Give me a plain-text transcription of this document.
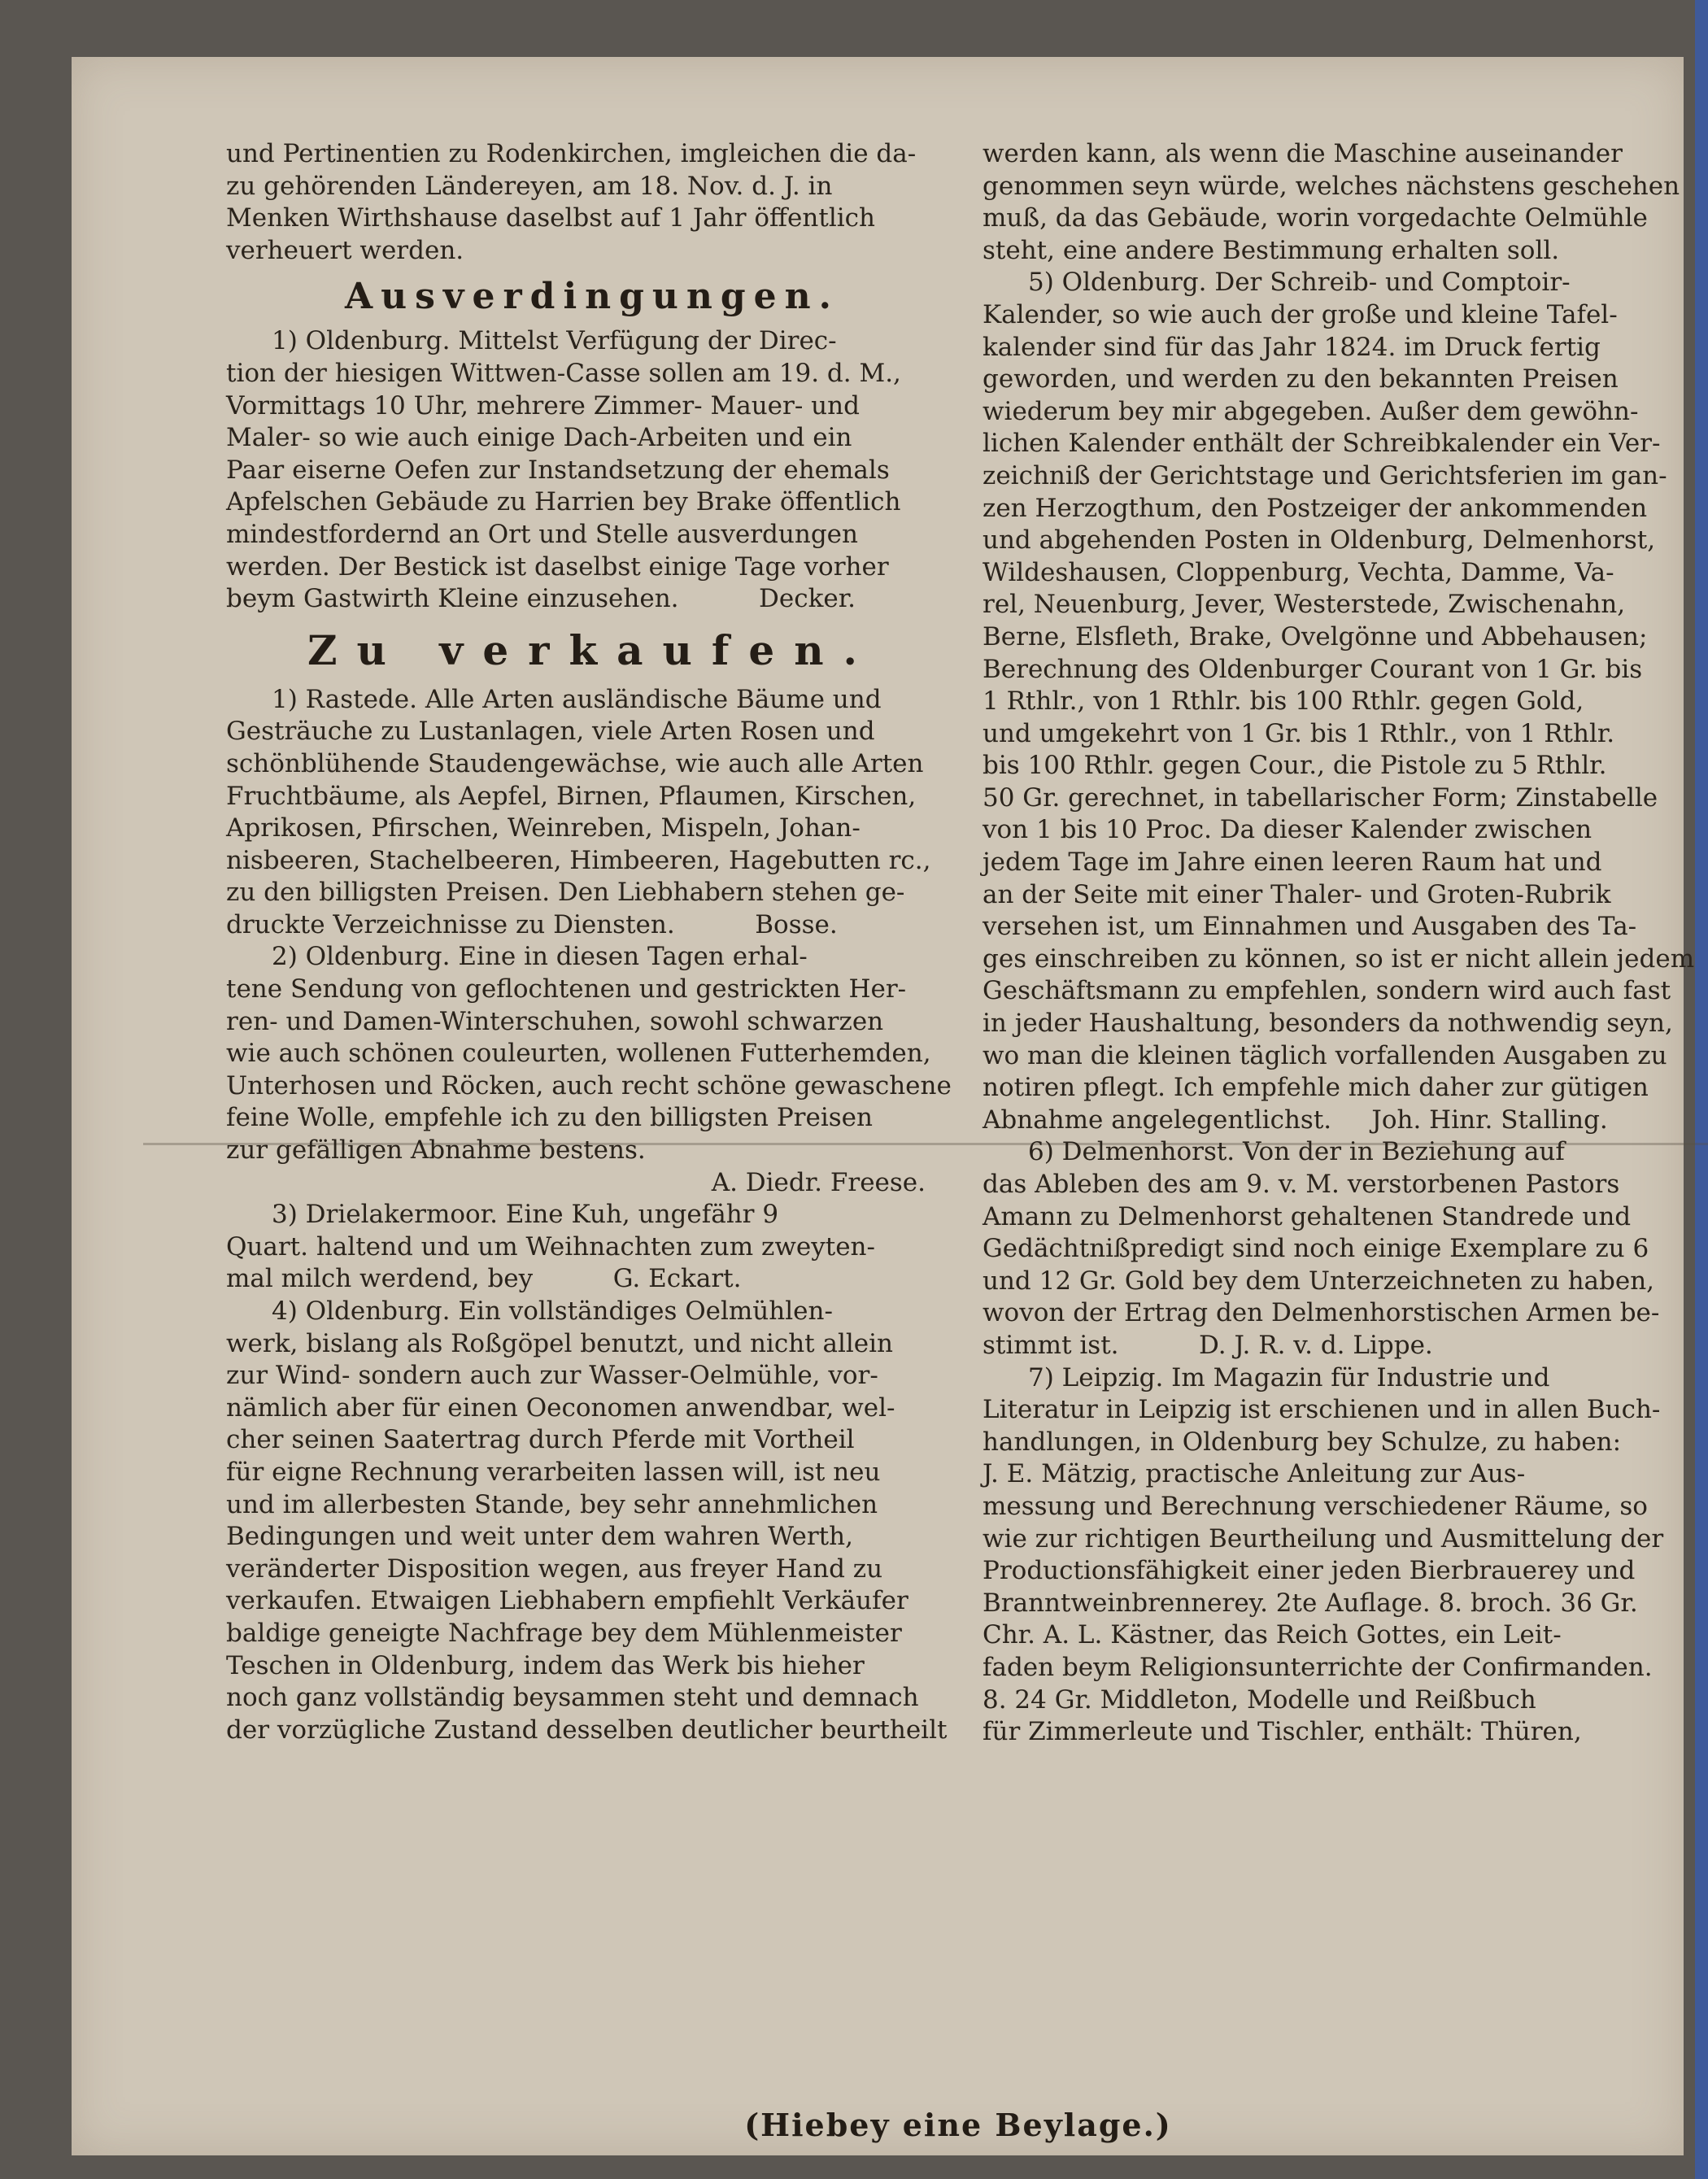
und Pertinentien zu Rodenkirchen, imgleichen die da-

zu gehörenden Ländereyen, am 18. Nov. d. J. in

Menken Wirthshause daselbst auf 1 Jahr öffentlich

verheuert werden.

Ausverdingungen.

1) Oldenburg. Mittelst Verfügung der Direc-

tion der hiesigen Wittwen-Casse sollen am 19. d. M.,

Vormittags 10 Uhr, mehrere Zimmer- Mauer- und

Maler- so wie auch einige Dach-Arbeiten und ein

Paar eiserne Oefen zur Instandsetzung der ehemals

Apfelschen Gebäude zu Harrien bey Brake öffentlich

mindestfordernd an Ort und Stelle ausverdungen

werden. Der Bestick ist daselbst einige Tage vorher

beym Gastwirth Kleine einzusehen.          Decker.

Zu verkaufen.

1) Rastede. Alle Arten ausländische Bäume und

Gesträuche zu Lustanlagen, viele Arten Rosen und

schönblühende Staudengewächse, wie auch alle Arten

Fruchtbäume, als Aepfel, Birnen, Pflaumen, Kirschen,

Aprikosen, Pfirschen, Weinreben, Mispeln, Johan-

nisbeeren, Stachelbeeren, Himbeeren, Hagebutten rc.,

zu den billigsten Preisen. Den Liebhabern stehen ge-

druckte Verzeichnisse zu Diensten.          Bosse.

2) Oldenburg. Eine in diesen Tagen erhal-

tene Sendung von geflochtenen und gestrickten Her-

ren- und Damen-Winterschuhen, sowohl schwarzen

wie auch schönen couleurten, wollenen Futterhemden,

Unterhosen und Röcken, auch recht schöne gewaschene

feine Wolle, empfehle ich zu den billigsten Preisen

zur gefälligen Abnahme bestens.

A. Diedr. Freese.

3) Drielakermoor. Eine Kuh, ungefähr 9

Quart. haltend und um Weihnachten zum zweyten-

mal milch werdend, bey          G. Eckart.

4) Oldenburg. Ein vollständiges Oelmühlen-

werk, bislang als Roßgöpel benutzt, und nicht allein

zur Wind- sondern auch zur Wasser-Oelmühle, vor-

nämlich aber für einen Oeconomen anwendbar, wel-

cher seinen Saatertrag durch Pferde mit Vortheil

für eigne Rechnung verarbeiten lassen will, ist neu

und im allerbesten Stande, bey sehr annehmlichen

Bedingungen und weit unter dem wahren Werth,

veränderter Disposition wegen, aus freyer Hand zu

verkaufen. Etwaigen Liebhabern empfiehlt Verkäufer

baldige geneigte Nachfrage bey dem Mühlenmeister

Teschen in Oldenburg, indem das Werk bis hieher

noch ganz vollständig beysammen steht und demnach

der vorzügliche Zustand desselben deutlicher beurtheilt

werden kann, als wenn die Maschine auseinander

genommen seyn würde, welches nächstens geschehen

muß, da das Gebäude, worin vorgedachte Oelmühle

steht, eine andere Bestimmung erhalten soll.

5) Oldenburg. Der Schreib- und Comptoir-

Kalender, so wie auch der große und kleine Tafel-

kalender sind für das Jahr 1824. im Druck fertig

geworden, und werden zu den bekannten Preisen

wiederum bey mir abgegeben. Außer dem gewöhn-

lichen Kalender enthält der Schreibkalender ein Ver-

zeichniß der Gerichtstage und Gerichtsferien im gan-

zen Herzogthum, den Postzeiger der ankommenden

und abgehenden Posten in Oldenburg, Delmenhorst,

Wildeshausen, Cloppenburg, Vechta, Damme, Va-

rel, Neuenburg, Jever, Westerstede, Zwischenahn,

Berne, Elsfleth, Brake, Ovelgönne und Abbehausen;

Berechnung des Oldenburger Courant von 1 Gr. bis

1 Rthlr., von 1 Rthlr. bis 100 Rthlr. gegen Gold,

und umgekehrt von 1 Gr. bis 1 Rthlr., von 1 Rthlr.

bis 100 Rthlr. gegen Cour., die Pistole zu 5 Rthlr.

50 Gr. gerechnet, in tabellarischer Form; Zinstabelle

von 1 bis 10 Proc. Da dieser Kalender zwischen

jedem Tage im Jahre einen leeren Raum hat und

an der Seite mit einer Thaler- und Groten-Rubrik

versehen ist, um Einnahmen und Ausgaben des Ta-

ges einschreiben zu können, so ist er nicht allein jedem

Geschäftsmann zu empfehlen, sondern wird auch fast

in jeder Haushaltung, besonders da nothwendig seyn,

wo man die kleinen täglich vorfallenden Ausgaben zu

notiren pflegt. Ich empfehle mich daher zur gütigen

Abnahme angelegentlichst.     Joh. Hinr. Stalling.

6) Delmenhorst. Von der in Beziehung auf

das Ableben des am 9. v. M. verstorbenen Pastors

Amann zu Delmenhorst gehaltenen Standrede und

Gedächtnißpredigt sind noch einige Exemplare zu 6

und 12 Gr. Gold bey dem Unterzeichneten zu haben,

wovon der Ertrag den Delmenhorstischen Armen be-

stimmt ist.          D. J. R. v. d. Lippe.

7) Leipzig. Im Magazin für Industrie und

Literatur in Leipzig ist erschienen und in allen Buch-

handlungen, in Oldenburg bey Schulze, zu haben:

J. E. Mätzig, practische Anleitung zur Aus-

messung und Berechnung verschiedener Räume, so

wie zur richtigen Beurtheilung und Ausmittelung der

Productionsfähigkeit einer jeden Bierbrauerey und

Branntweinbrennerey. 2te Auflage. 8. broch. 36 Gr.

Chr. A. L. Kästner, das Reich Gottes, ein Leit-

faden beym Religionsunterrichte der Confirmanden.

8. 24 Gr. Middleton, Modelle und Reißbuch

für Zimmerleute und Tischler, enthält: Thüren,

(Hiebey eine Beylage.)
